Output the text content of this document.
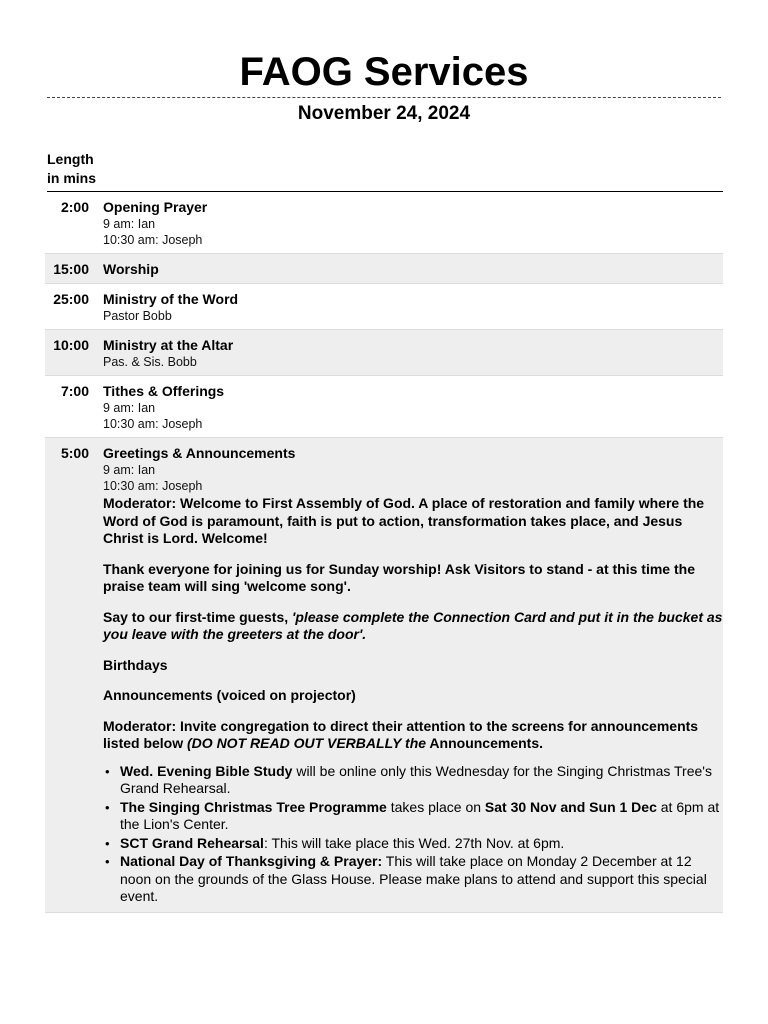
FAOG Services
November 24, 2024
Length
in mins
2:00 Opening Prayer
9 am: Ian
10:30 am: Joseph
15:00 Worship
25:00 Ministry of the Word
Pastor Bobb
10:00 Ministry at the Altar
Pas. & Sis. Bobb
7:00 Tithes & Offerings
9 am: Ian
10:30 am: Joseph
5:00 Greetings & Announcements
9 am: Ian
10:30 am: Joseph

Moderator: Welcome to First Assembly of God. A place of restoration and family where the Word of God is paramount, faith is put to action, transformation takes place, and Jesus Christ is Lord. Welcome!

Thank everyone for joining us for Sunday worship! Ask Visitors to stand - at this time the praise team will sing 'welcome song'.

Say to our first-time guests, 'please complete the Connection Card and put it in the bucket as you leave with the greeters at the door'.

Birthdays

Announcements (voiced on projector)

Moderator: Invite congregation to direct their attention to the screens for announcements listed below (DO NOT READ OUT VERBALLY the Announcements.

• Wed. Evening Bible Study will be online only this Wednesday for the Singing Christmas Tree's Grand Rehearsal.
• The Singing Christmas Tree Programme takes place on Sat 30 Nov and Sun 1 Dec at 6pm at the Lion's Center.
• SCT Grand Rehearsal: This will take place this Wed. 27th Nov. at 6pm.
• National Day of Thanksgiving & Prayer: This will take place on Monday 2 December at 12 noon on the grounds of the Glass House. Please make plans to attend and support this special event.
